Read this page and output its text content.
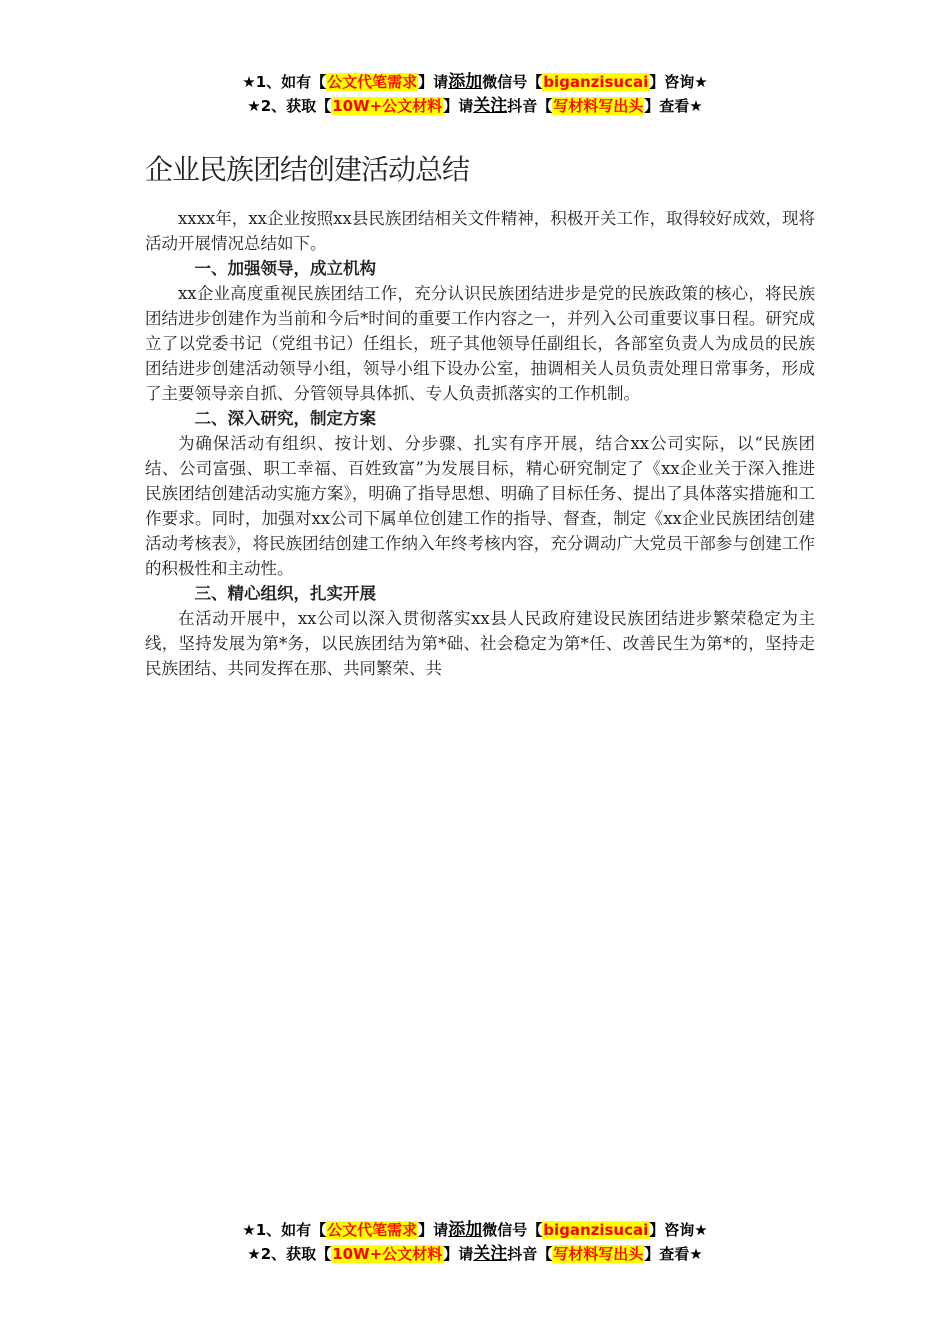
★1、如有【公文代笔需求】请添加微信号【biganzisucai】咨询★
★2、获取【10W+公文材料】请关注抖音【写材料写出头】查看★
企业民族团结创建活动总结

xxxx年，xx企业按照xx县民族团结相关文件精神，积极开关工作，取得较好成效，现将活动开展情况总结如下。

一、加强领导，成立机构

xx企业高度重视民族团结工作，充分认识民族团结进步是党的民族政策的核心，将民族团结进步创建作为当前和今后*时间的重要工作内容之一，并列入公司重要议事日程。研究成立了以党委书记（党组书记）任组长，班子其他领导任副组长，各部室负责人为成员的民族团结进步创建活动领导小组，领导小组下设办公室，抽调相关人员负责处理日常事务，形成了主要领导亲自抓、分管领导具体抓、专人负责抓落实的工作机制。

二、深入研究，制定方案

为确保活动有组织、按计划、分步骤、扎实有序开展，结合xx公司实际，以“民族团结、公司富强、职工幸福、百姓致富”为发展目标，精心研究制定了《xx企业关于深入推进民族团结创建活动实施方案》，明确了指导思想、明确了目标任务、提出了具体落实措施和工作要求。同时，加强对xx公司下属单位创建工作的指导、督查，制定《xx企业民族团结创建活动考核表》，将民族团结创建工作纳入年终考核内容，充分调动广大党员干部参与创建工作的积极性和主动性。

三、精心组织，扎实开展

在活动开展中，xx公司以深入贯彻落实xx县人民政府建设民族团结进步繁荣稳定为主线，坚持发展为第*务，以民族团结为第*础、社会稳定为第*任、改善民生为第*的，坚持走民族团结、共同发挥在那、共同繁荣、共

★1、如有【公文代笔需求】请添加微信号【biganzisucai】咨询★
★2、获取【10W+公文材料】请关注抖音【写材料写出头】查看★
